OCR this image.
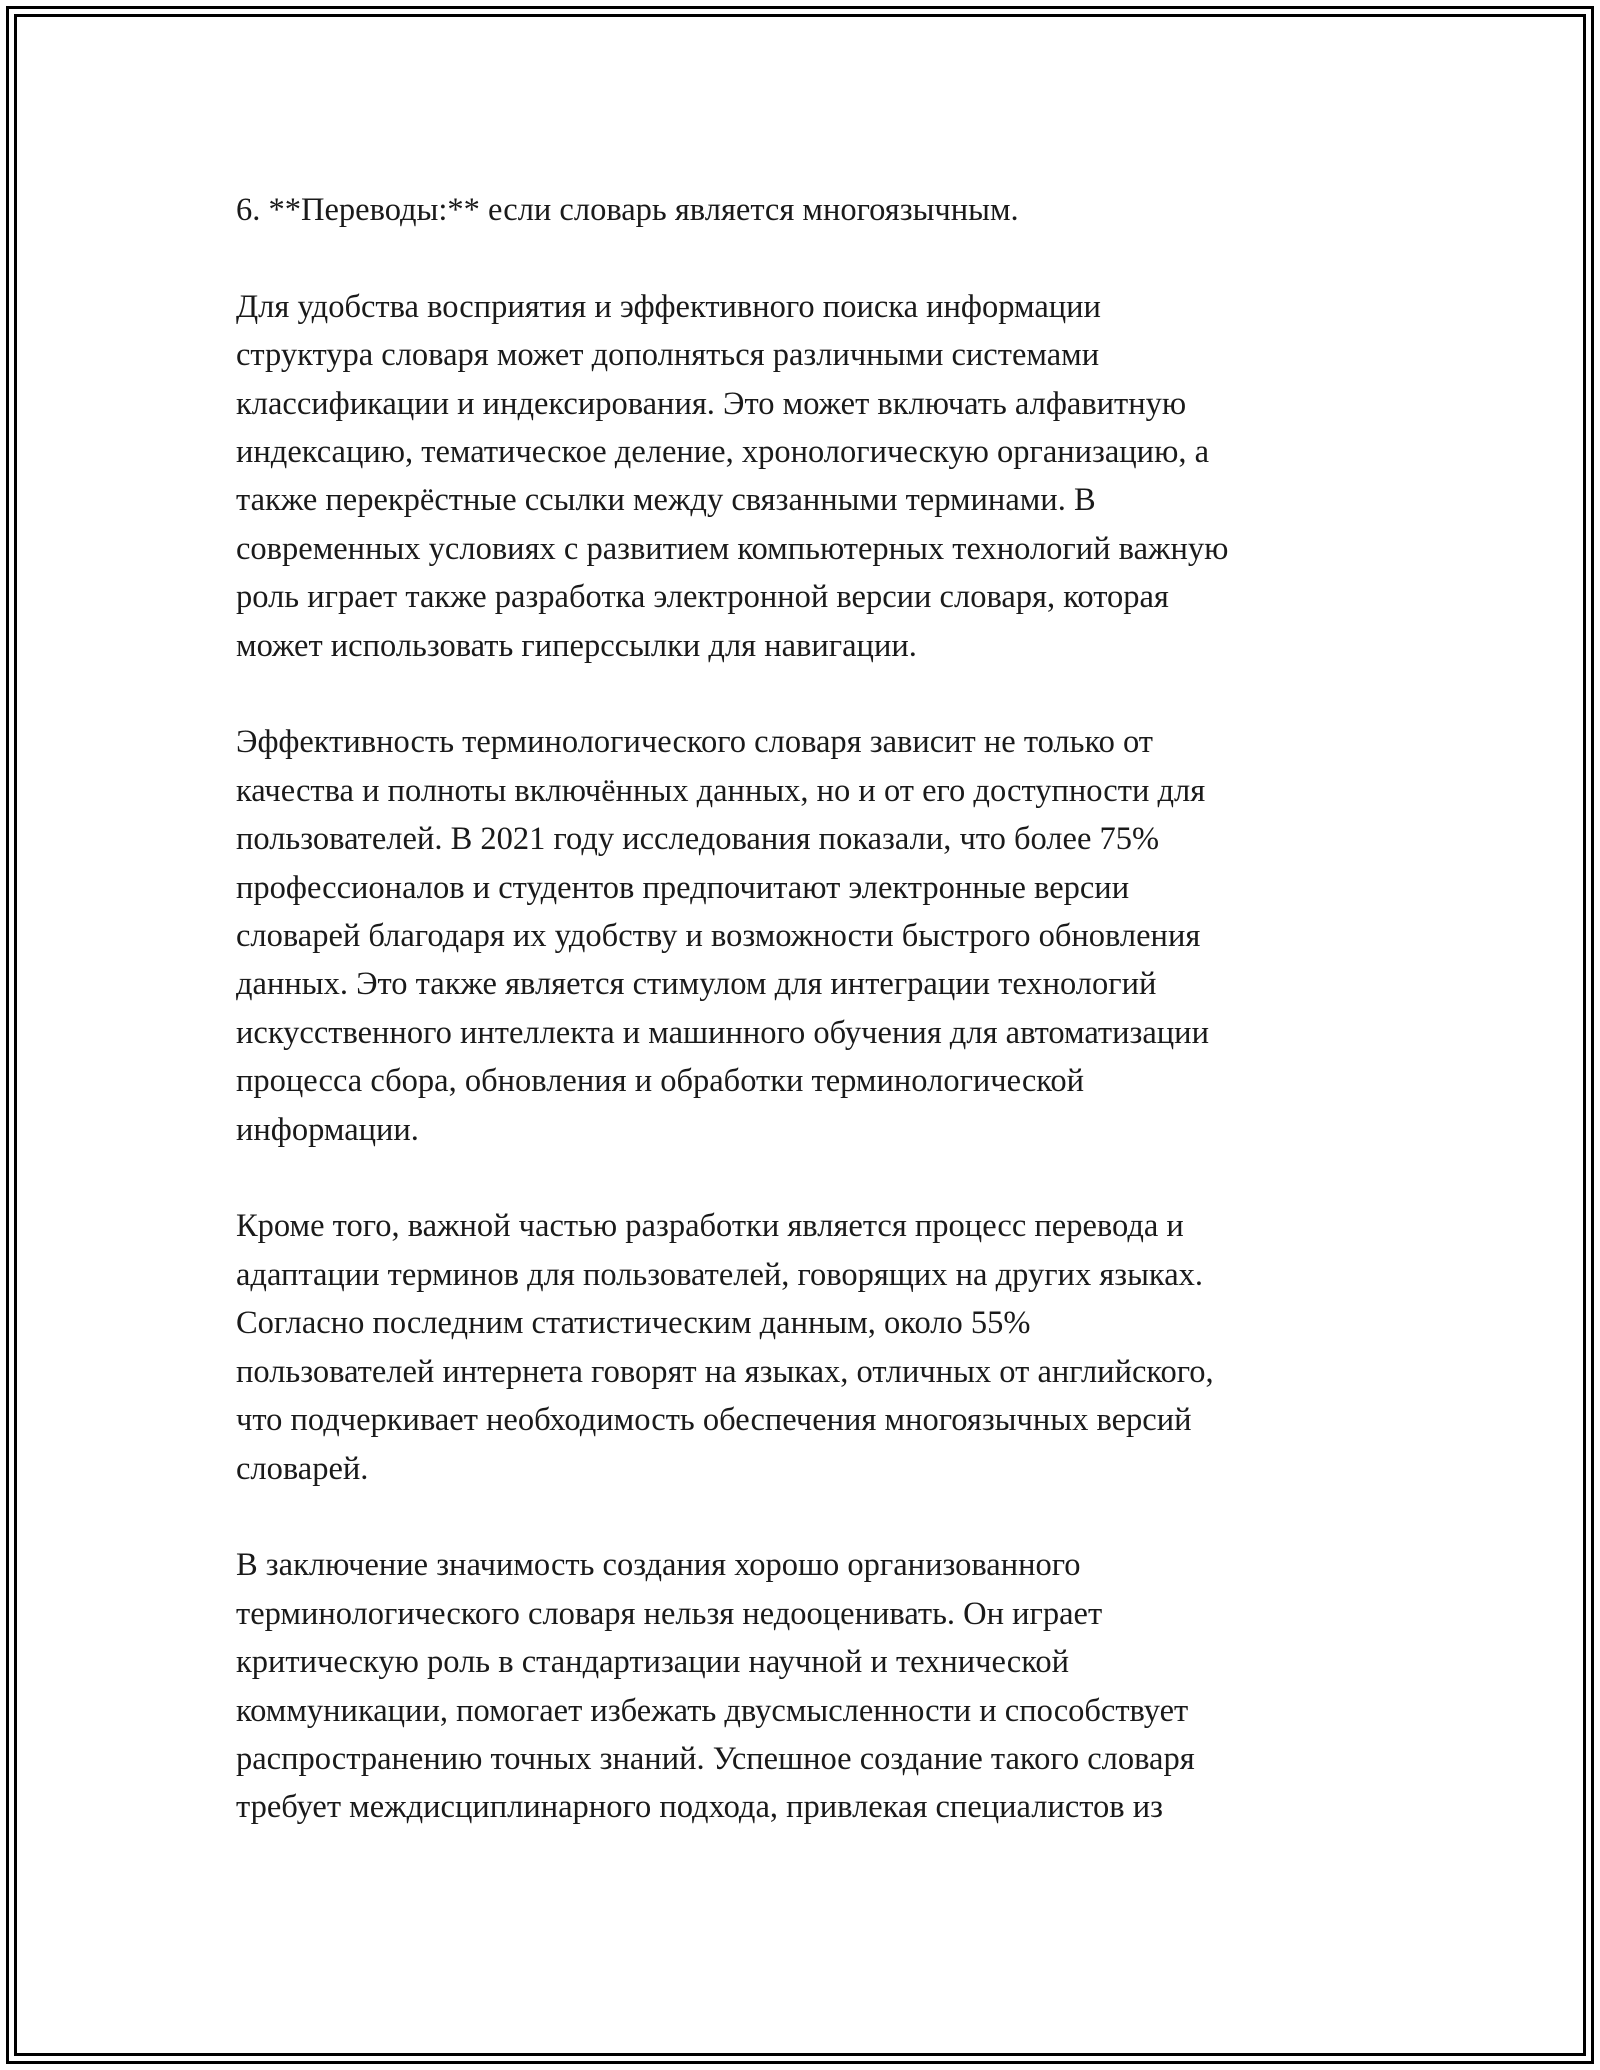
6. **Переводы:** если словарь является многоязычным.

Для удобства восприятия и эффективного поиска информации
структура словаря может дополняться различными системами
классификации и индексирования. Это может включать алфавитную
индексацию, тематическое деление, хронологическую организацию, а
также перекрёстные ссылки между связанными терминами. В
современных условиях с развитием компьютерных технологий важную
роль играет также разработка электронной версии словаря, которая
может использовать гиперссылки для навигации.

Эффективность терминологического словаря зависит не только от
качества и полноты включённых данных, но и от его доступности для
пользователей. В 2021 году исследования показали, что более 75%
профессионалов и студентов предпочитают электронные версии
словарей благодаря их удобству и возможности быстрого обновления
данных. Это также является стимулом для интеграции технологий
искусственного интеллекта и машинного обучения для автоматизации
процесса сбора, обновления и обработки терминологической
информации.

Кроме того, важной частью разработки является процесс перевода и
адаптации терминов для пользователей, говорящих на других языках.
Согласно последним статистическим данным, около 55%
пользователей интернета говорят на языках, отличных от английского,
что подчеркивает необходимость обеспечения многоязычных версий
словарей.

В заключение значимость создания хорошо организованного
терминологического словаря нельзя недооценивать. Он играет
критическую роль в стандартизации научной и технической
коммуникации, помогает избежать двусмысленности и способствует
распространению точных знаний. Успешное создание такого словаря
требует междисциплинарного подхода, привлекая специалистов из
